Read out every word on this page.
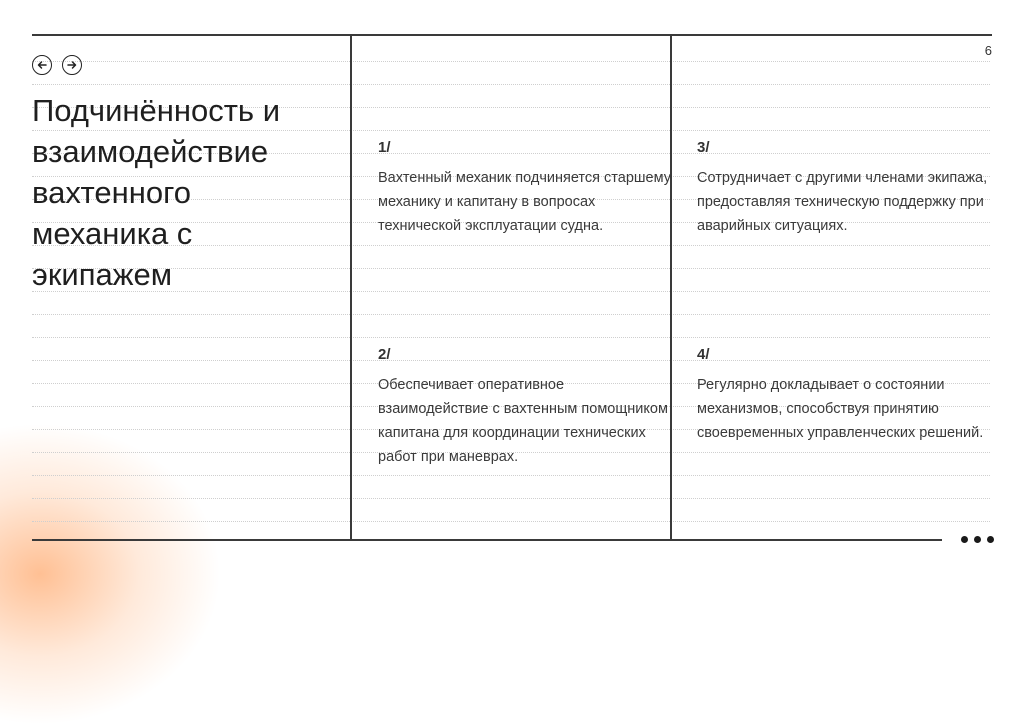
6
Подчинённость и взаимодействие вахтенного механика с экипажем
1/
Вахтенный механик подчиняется старшему механику и капитану в вопросах технической эксплуатации судна.
2/
Обеспечивает оперативное взаимодействие с вахтенным помощником капитана для координации технических работ при маневрах.
3/
Сотрудничает с другими членами экипажа, предоставляя техническую поддержку при аварийных ситуациях.
4/
Регулярно докладывает о состоянии механизмов, способствуя принятию своевременных управленческих решений.
